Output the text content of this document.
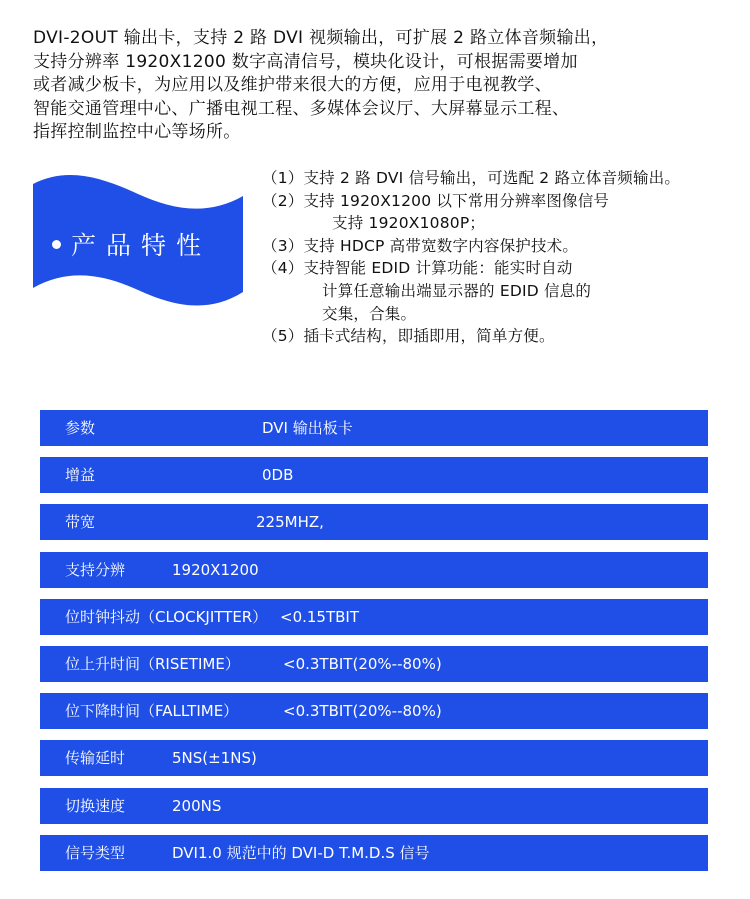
DVI-2OUT 输出卡，支持 2 路 DVI 视频输出，可扩展 2 路立体音频输出，
支持分辨率 1920X1200 数字高清信号，模块化设计，可根据需要增加
或者减少板卡，为应用以及维护带来很大的方便，应用于电视教学、
智能交通管理中心、广播电视工程、多媒体会议厅、大屏幕显示工程、
指挥控制监控中心等场所。
产品特性
（1）支持 2 路 DVI 信号输出，可选配 2 路立体音频输出。
（2）支持 1920X1200 以下常用分辨率图像信号
支持 1920X1080P；
（3）支持 HDCP 高带宽数字内容保护技术。
（4）支持智能 EDID 计算功能：能实时自动
计算任意输出端显示器的 EDID 信息的
交集，合集。
（5）插卡式结构，即插即用，简单方便。
参数	DVI 输出板卡
增益	0DB
带宽	225MHZ,
支持分辨	1920X1200
位时钟抖动（CLOCKJITTER） <0.15TBIT
位上升时间（RISETIME）	<0.3TBIT(20%--80%)
位下降时间（FALLTIME）	<0.3TBIT(20%--80%)
传输延时	5NS(±1NS)
切换速度	200NS
信号类型	DVI1.0 规范中的 DVI-D T.M.D.S 信号
